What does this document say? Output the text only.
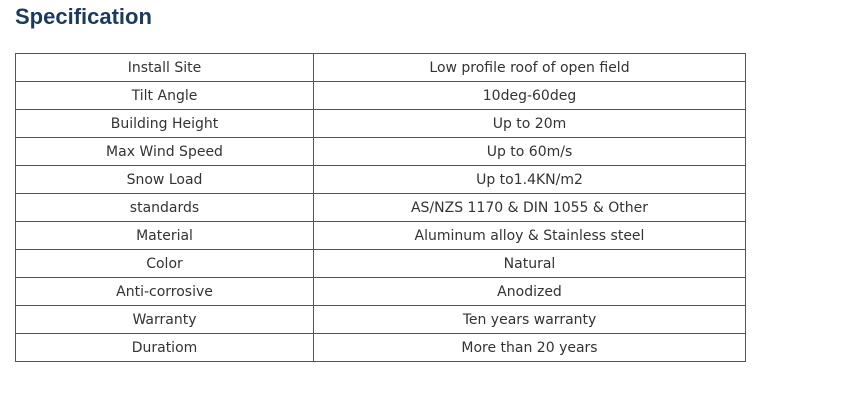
Specification
Install Site	Low profile roof of open field
Tilt Angle	10deg-60deg
Building Height	Up to 20m
Max Wind Speed	Up to 60m/s
Snow Load	Up to1.4KN/m2
standards	AS/NZS 1170 & DIN 1055 & Other
Material	Aluminum alloy & Stainless steel
Color	Natural
Anti-corrosive	Anodized
Warranty	Ten years warranty
Duratiom	More than 20 years
